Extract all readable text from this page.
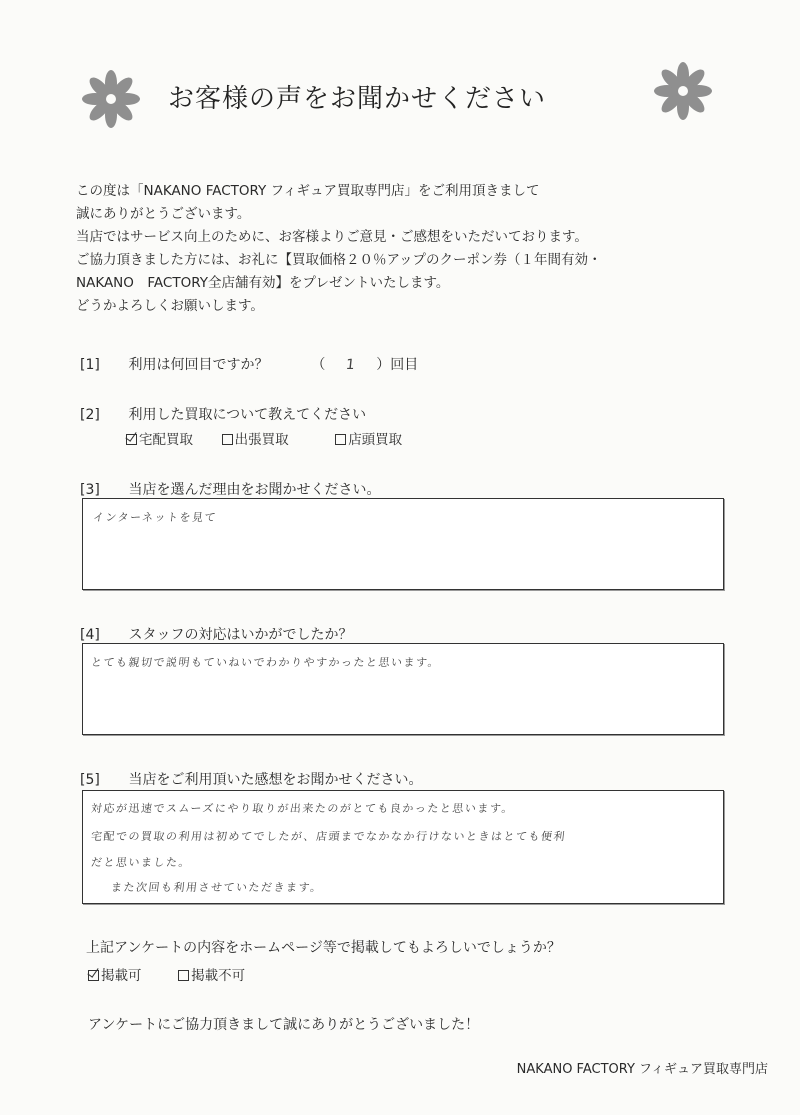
お客様の声をお聞かせください
この度は「NAKANO FACTORY フィギュア買取専門店」をご利用頂きまして
誠にありがとうございます。
当店ではサービス向上のために、お客様よりご意見・ご感想をいただいております。
ご協力頂きました方には、お礼に【買取価格２０％アップのクーポン券（１年間有効・
NAKANO　FACTORY全店舗有効】をプレゼントいたします。
どうかよろしくお願いします。
[1] 利用は何回目ですか？	（ 1 ）回目
[2] 利用した買取について教えてください
宅配買取	出張買取	店頭買取
[3] 当店を選んだ理由をお聞かせください。
インターネットを見て
[4] スタッフの対応はいかがでしたか？
とても親切で説明もていねいでわかりやすかったと思います。
[5] 当店をご利用頂いた感想をお聞かせください。
対応が迅速でスムーズにやり取りが出来たのがとても良かったと思います。
宅配での買取の利用は初めてでしたが、店頭までなかなか行けないときはとても便利
だと思いました。
また次回も利用させていただきます。
上記アンケートの内容をホームページ等で掲載してもよろしいでしょうか？
掲載可	掲載不可
アンケートにご協力頂きまして誠にありがとうございました！
NAKANO FACTORY フィギュア買取専門店
